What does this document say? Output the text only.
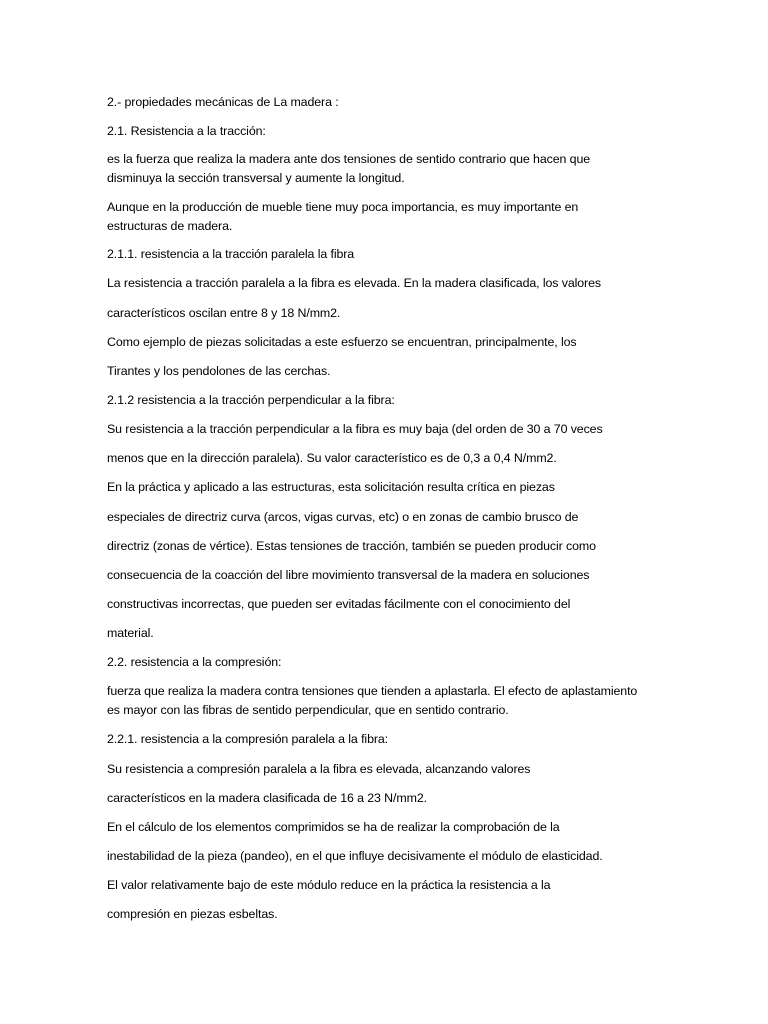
2.- propiedades mecánicas de La madera :
2.1. Resistencia a la tracción:
es la fuerza que realiza la madera ante dos tensiones de sentido contrario que hacen que
disminuya la sección transversal y aumente la longitud.
Aunque en la producción de mueble tiene muy poca importancia, es muy importante en
estructuras de madera.
2.1.1. resistencia a la tracción paralela la fibra
La resistencia a tracción paralela a la fibra es elevada. En la madera clasificada, los valores
característicos oscilan entre 8 y 18 N/mm2.
Como ejemplo de piezas solicitadas a este esfuerzo se encuentran, principalmente, los
Tirantes y los pendolones de las cerchas.
2.1.2 resistencia a la tracción perpendicular a la fibra:
Su resistencia a la tracción perpendicular a la fibra es muy baja (del orden de 30 a 70 veces
menos que en la dirección paralela). Su valor característico es de 0,3 a 0,4 N/mm2.
En la práctica y aplicado a las estructuras, esta solicitación resulta crítica en piezas
especiales de directriz curva (arcos, vigas curvas, etc) o en zonas de cambio brusco de
directriz (zonas de vértice). Estas tensiones de tracción, también se pueden producir como
consecuencia de la coacción del libre movimiento transversal de la madera en soluciones
constructivas incorrectas, que pueden ser evitadas fácilmente con el conocimiento del
material.
2.2. resistencia a la compresión:
fuerza que realiza la madera contra tensiones que tienden a aplastarla. El efecto de aplastamiento
es mayor con las fibras de sentido perpendicular, que en sentido contrario.
2.2.1. resistencia a la compresión paralela a la fibra:
Su resistencia a compresión paralela a la fibra es elevada, alcanzando valores
característicos en la madera clasificada de 16 a 23 N/mm2.
En el cálculo de los elementos comprimidos se ha de realizar la comprobación de la
inestabilidad de la pieza (pandeo), en el que influye decisivamente el módulo de elasticidad.
El valor relativamente bajo de este módulo reduce en la práctica la resistencia a la
compresión en piezas esbeltas.
